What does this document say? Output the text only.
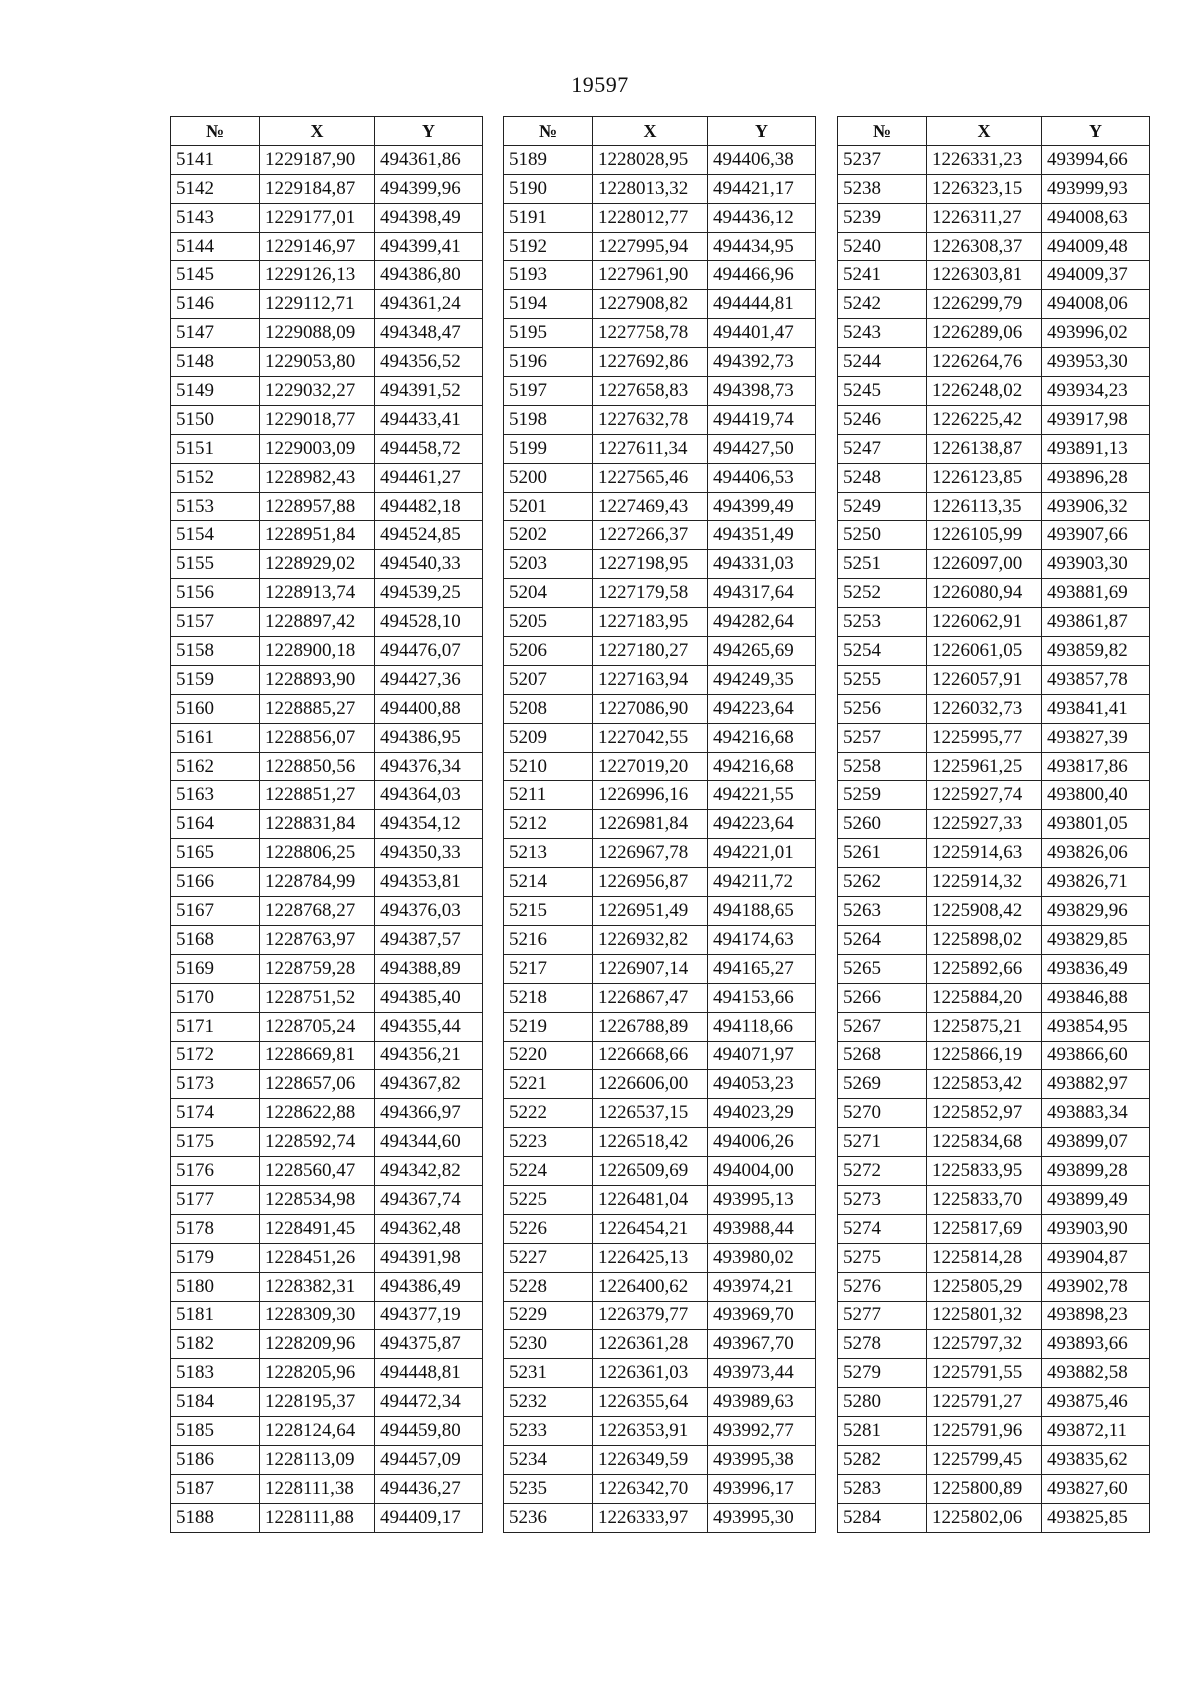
19597
№	X	Y
5141	1229187,90	494361,86
5142	1229184,87	494399,96
5143	1229177,01	494398,49
5144	1229146,97	494399,41
5145	1229126,13	494386,80
5146	1229112,71	494361,24
5147	1229088,09	494348,47
5148	1229053,80	494356,52
5149	1229032,27	494391,52
5150	1229018,77	494433,41
5151	1229003,09	494458,72
5152	1228982,43	494461,27
5153	1228957,88	494482,18
5154	1228951,84	494524,85
5155	1228929,02	494540,33
5156	1228913,74	494539,25
5157	1228897,42	494528,10
5158	1228900,18	494476,07
5159	1228893,90	494427,36
5160	1228885,27	494400,88
5161	1228856,07	494386,95
5162	1228850,56	494376,34
5163	1228851,27	494364,03
5164	1228831,84	494354,12
5165	1228806,25	494350,33
5166	1228784,99	494353,81
5167	1228768,27	494376,03
5168	1228763,97	494387,57
5169	1228759,28	494388,89
5170	1228751,52	494385,40
5171	1228705,24	494355,44
5172	1228669,81	494356,21
5173	1228657,06	494367,82
5174	1228622,88	494366,97
5175	1228592,74	494344,60
5176	1228560,47	494342,82
5177	1228534,98	494367,74
5178	1228491,45	494362,48
5179	1228451,26	494391,98
5180	1228382,31	494386,49
5181	1228309,30	494377,19
5182	1228209,96	494375,87
5183	1228205,96	494448,81
5184	1228195,37	494472,34
5185	1228124,64	494459,80
5186	1228113,09	494457,09
5187	1228111,38	494436,27
5188	1228111,88	494409,17
№	X	Y
5189	1228028,95	494406,38
5190	1228013,32	494421,17
5191	1228012,77	494436,12
5192	1227995,94	494434,95
5193	1227961,90	494466,96
5194	1227908,82	494444,81
5195	1227758,78	494401,47
5196	1227692,86	494392,73
5197	1227658,83	494398,73
5198	1227632,78	494419,74
5199	1227611,34	494427,50
5200	1227565,46	494406,53
5201	1227469,43	494399,49
5202	1227266,37	494351,49
5203	1227198,95	494331,03
5204	1227179,58	494317,64
5205	1227183,95	494282,64
5206	1227180,27	494265,69
5207	1227163,94	494249,35
5208	1227086,90	494223,64
5209	1227042,55	494216,68
5210	1227019,20	494216,68
5211	1226996,16	494221,55
5212	1226981,84	494223,64
5213	1226967,78	494221,01
5214	1226956,87	494211,72
5215	1226951,49	494188,65
5216	1226932,82	494174,63
5217	1226907,14	494165,27
5218	1226867,47	494153,66
5219	1226788,89	494118,66
5220	1226668,66	494071,97
5221	1226606,00	494053,23
5222	1226537,15	494023,29
5223	1226518,42	494006,26
5224	1226509,69	494004,00
5225	1226481,04	493995,13
5226	1226454,21	493988,44
5227	1226425,13	493980,02
5228	1226400,62	493974,21
5229	1226379,77	493969,70
5230	1226361,28	493967,70
5231	1226361,03	493973,44
5232	1226355,64	493989,63
5233	1226353,91	493992,77
5234	1226349,59	493995,38
5235	1226342,70	493996,17
5236	1226333,97	493995,30
№	X	Y
5237	1226331,23	493994,66
5238	1226323,15	493999,93
5239	1226311,27	494008,63
5240	1226308,37	494009,48
5241	1226303,81	494009,37
5242	1226299,79	494008,06
5243	1226289,06	493996,02
5244	1226264,76	493953,30
5245	1226248,02	493934,23
5246	1226225,42	493917,98
5247	1226138,87	493891,13
5248	1226123,85	493896,28
5249	1226113,35	493906,32
5250	1226105,99	493907,66
5251	1226097,00	493903,30
5252	1226080,94	493881,69
5253	1226062,91	493861,87
5254	1226061,05	493859,82
5255	1226057,91	493857,78
5256	1226032,73	493841,41
5257	1225995,77	493827,39
5258	1225961,25	493817,86
5259	1225927,74	493800,40
5260	1225927,33	493801,05
5261	1225914,63	493826,06
5262	1225914,32	493826,71
5263	1225908,42	493829,96
5264	1225898,02	493829,85
5265	1225892,66	493836,49
5266	1225884,20	493846,88
5267	1225875,21	493854,95
5268	1225866,19	493866,60
5269	1225853,42	493882,97
5270	1225852,97	493883,34
5271	1225834,68	493899,07
5272	1225833,95	493899,28
5273	1225833,70	493899,49
5274	1225817,69	493903,90
5275	1225814,28	493904,87
5276	1225805,29	493902,78
5277	1225801,32	493898,23
5278	1225797,32	493893,66
5279	1225791,55	493882,58
5280	1225791,27	493875,46
5281	1225791,96	493872,11
5282	1225799,45	493835,62
5283	1225800,89	493827,60
5284	1225802,06	493825,85
